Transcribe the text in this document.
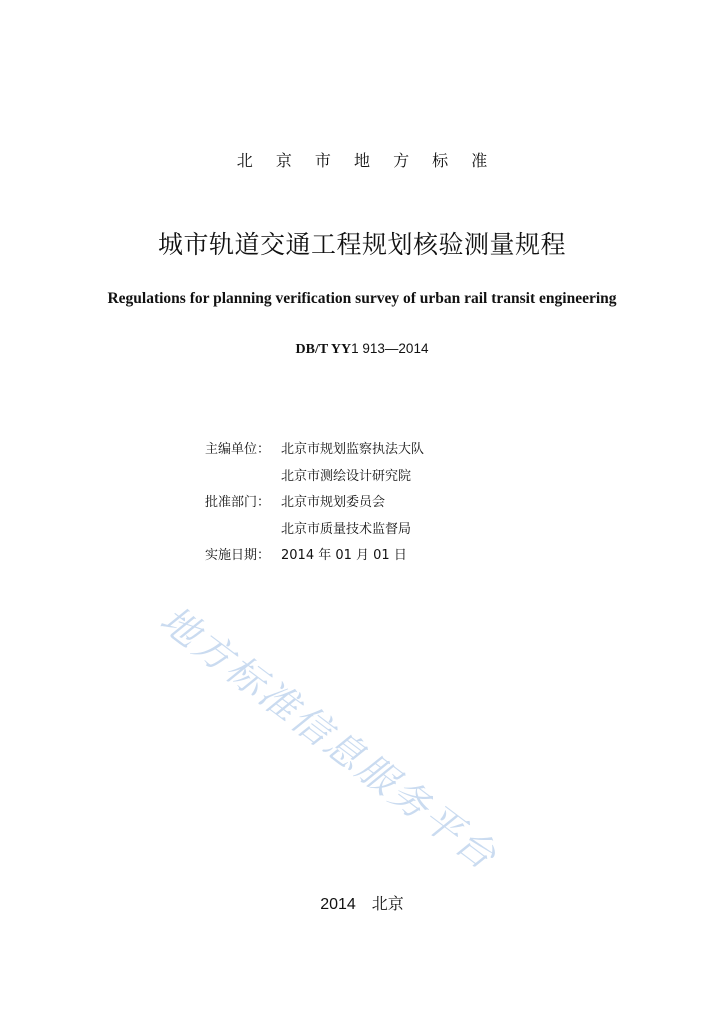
北 京 市 地 方 标 准
城市轨道交通工程规划核验测量规程
Regulations for planning verification survey of urban rail transit engineering
DB/T YY1 913—2014
主编单位： 北京市规划监察执法大队
北京市测绘设计研究院
批准部门： 北京市规划委员会
北京市质量技术监督局
实施日期： 2014 年 01 月 01 日
地方标准信息服务平台
2014 北京
